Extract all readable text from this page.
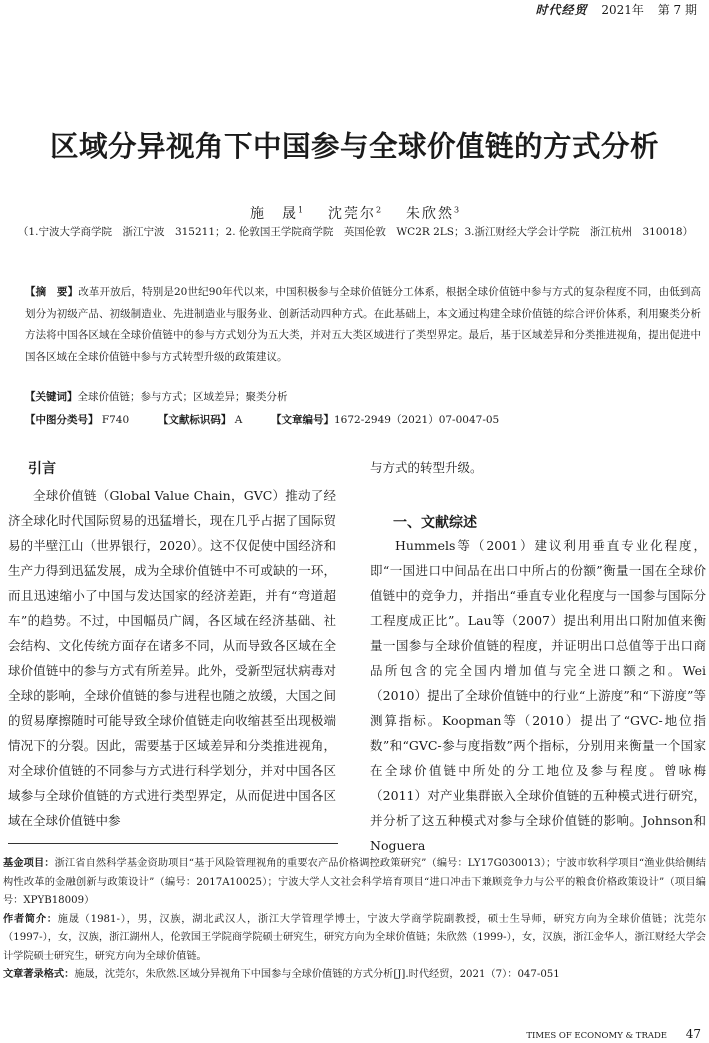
时代经贸 2021年 第 7 期
区域分异视角下中国参与全球价值链的方式分析
施　晟$^1$ 沈莞尔$^2$ 朱欣然$^3$
（1.宁波大学商学院　浙江宁波　315211；2. 伦敦国王学院商学院　英国伦敦　WC2R 2LS；3.浙江财经大学会计学院　浙江杭州　310018）
【摘　要】改革开放后，特别是20世纪90年代以来，中国积极参与全球价值链分工体系，根据全球价值链中参与方式的复杂程度不同，由低到高划分为初级产品、初级制造业、先进制造业与服务业、创新活动四种方式。在此基础上，本文通过构建全球价值链的综合评价体系，利用聚类分析方法将中国各区域在全球价值链中的参与方式划分为五大类，并对五大类区域进行了类型界定。最后，基于区域差异和分类推进视角，提出促进中国各区域在全球价值链中参与方式转型升级的政策建议。
【关键词】全球价值链；参与方式；区域差异；聚类分析
【中图分类号】 F740	【文献标识码】 A	【文章编号】1672-2949（2021）07-0047-05
引言
全球价值链（Global Value Chain，GVC）推动了经济全球化时代国际贸易的迅猛增长，现在几乎占据了国际贸易的半壁江山（世界银行，2020）。这不仅促使中国经济和生产力得到迅猛发展，成为全球价值链中不可或缺的一环，而且迅速缩小了中国与发达国家的经济差距，并有“弯道超车”的趋势。不过，中国幅员广阔，各区域在经济基础、社会结构、文化传统方面存在诸多不同，从而导致各区域在全球价值链中的参与方式有所差异。此外，受新型冠状病毒对全球的影响，全球价值链的参与进程也随之放缓，大国之间的贸易摩擦随时可能导致全球价值链走向收缩甚至出现极端情况下的分裂。因此，需要基于区域差异和分类推进视角，对全球价值链的不同参与方式进行科学划分，并对中国各区域参与全球价值链的方式进行类型界定，从而促进中国各区域在全球价值链中参
与方式的转型升级。
一、文献综述
Hummels等（2001）建议利用垂直专业化程度，即“一国进口中间品在出口中所占的份额”衡量一国在全球价值链中的竞争力，并指出“垂直专业化程度与一国参与国际分工程度成正比”。Lau等（2007）提出利用出口附加值来衡量一国参与全球价值链的程度，并证明出口总值等于出口商品所包含的完全国内增加值与完全进口额之和。Wei（2010）提出了全球价值链中的行业“上游度”和“下游度”等测算指标。Koopman等（2010）提出了“GVC-地位指数”和“GVC-参与度指数”两个指标，分别用来衡量一个国家在全球价值链中所处的分工地位及参与程度。曾咏梅（2011）对产业集群嵌入全球价值链的五种模式进行研究，并分析了这五种模式对参与全球价值链的影响。Johnson和Noguera

基金项目：浙江省自然科学基金资助项目“基于风险管理视角的重要农产品价格调控政策研究”（编号：LY17G030013）；宁波市软科学项目“渔业供给侧结构性改革的金融创新与政策设计”（编号：2017A10025）；宁波大学人文社会科学培育项目“进口冲击下兼顾竞争力与公平的粮食价格政策设计”（项目编号：XPYB18009）

作者简介：施晟（1981-），男，汉族，湖北武汉人，浙江大学管理学博士，宁波大学商学院副教授，硕士生导师，研究方向为全球价值链；沈莞尔（1997-），女，汉族，浙江湖州人，伦敦国王学院商学院硕士研究生，研究方向为全球价值链；朱欣然（1999-），女，汉族，浙江金华人，浙江财经大学会计学院硕士研究生，研究方向为全球价值链。

文章著录格式：施晟，沈莞尔，朱欣然.区域分异视角下中国参与全球价值链的方式分析[J].时代经贸，2021（7）：047-051

TIMES OF ECONOMY & TRADE 47
